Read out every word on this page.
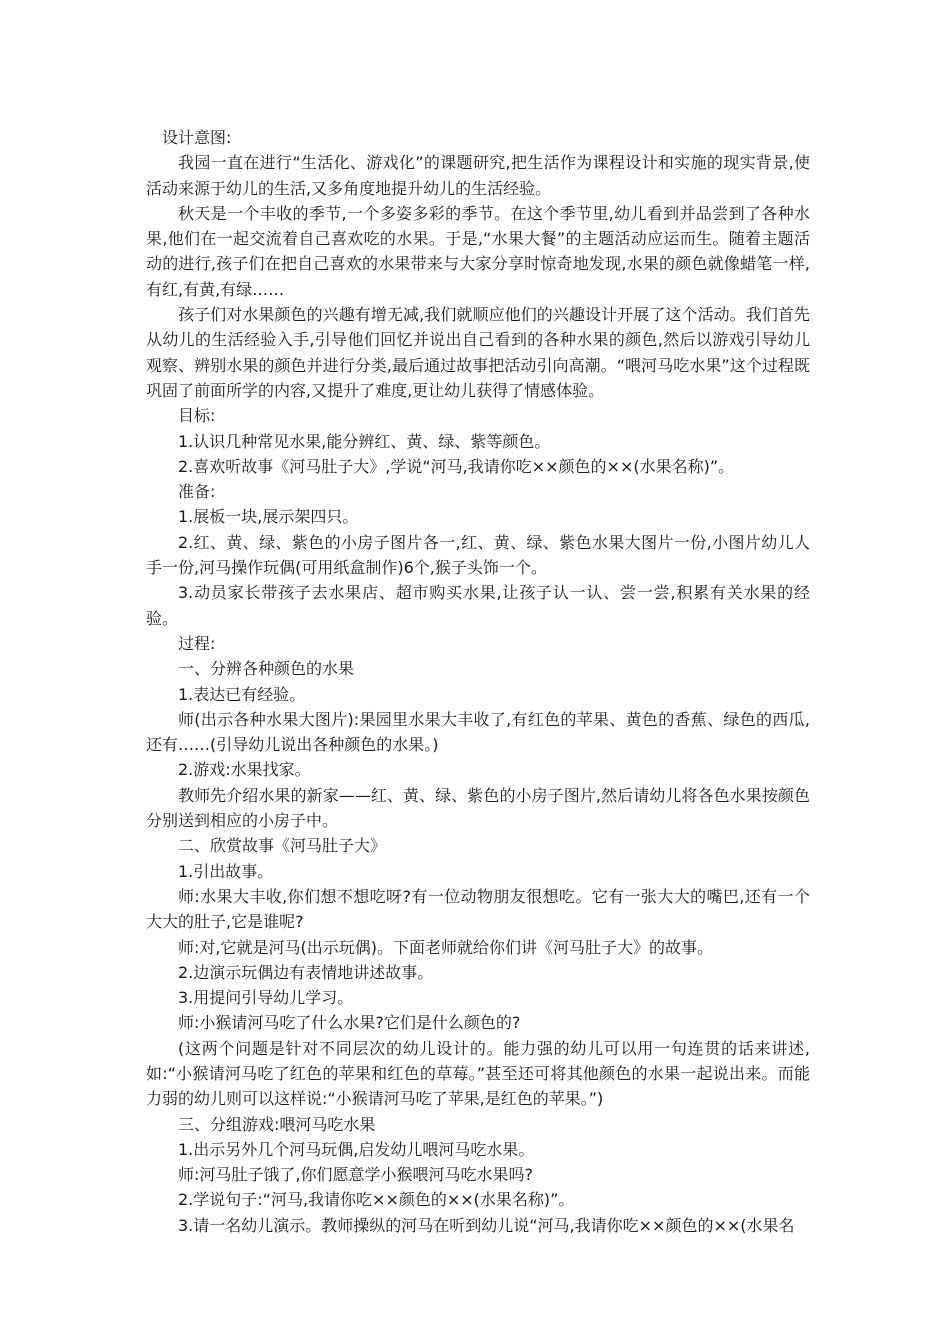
设计意图:

我园一直在进行“生活化、游戏化”的课题研究,把生活作为课程设计和实施的现实背景,使活动来源于幼儿的生活,又多角度地提升幼儿的生活经验。

秋天是一个丰收的季节,一个多姿多彩的季节。在这个季节里,幼儿看到并品尝到了各种水果,他们在一起交流着自己喜欢吃的水果。于是,“水果大餐”的主题活动应运而生。随着主题活动的进行,孩子们在把自己喜欢的水果带来与大家分享时惊奇地发现,水果的颜色就像蜡笔一样,有红,有黄,有绿……

孩子们对水果颜色的兴趣有增无减,我们就顺应他们的兴趣设计开展了这个活动。我们首先从幼儿的生活经验入手,引导他们回忆并说出自己看到的各种水果的颜色,然后以游戏引导幼儿观察、辨别水果的颜色并进行分类,最后通过故事把活动引向高潮。“喂河马吃水果”这个过程既巩固了前面所学的内容,又提升了难度,更让幼儿获得了情感体验。

目标:

1.认识几种常见水果,能分辨红、黄、绿、紫等颜色。

2.喜欢听故事《河马肚子大》,学说“河马,我请你吃××颜色的××(水果名称)”。

准备:

1.展板一块,展示架四只。

2.红、黄、绿、紫色的小房子图片各一,红、黄、绿、紫色水果大图片一份,小图片幼儿人手一份,河马操作玩偶(可用纸盒制作)6个,猴子头饰一个。

3.动员家长带孩子去水果店、超市购买水果,让孩子认一认、尝一尝,积累有关水果的经验。

过程:

一、分辨各种颜色的水果

1.表达已有经验。

师(出示各种水果大图片):果园里水果大丰收了,有红色的苹果、黄色的香蕉、绿色的西瓜,还有……(引导幼儿说出各种颜色的水果。)

2.游戏:水果找家。

教师先介绍水果的新家——红、黄、绿、紫色的小房子图片,然后请幼儿将各色水果按颜色分别送到相应的小房子中。

二、欣赏故事《河马肚子大》

1.引出故事。

师:水果大丰收,你们想不想吃呀?有一位动物朋友很想吃。它有一张大大的嘴巴,还有一个大大的肚子,它是谁呢?

师:对,它就是河马(出示玩偶)。下面老师就给你们讲《河马肚子大》的故事。

2.边演示玩偶边有表情地讲述故事。

3.用提问引导幼儿学习。

师:小猴请河马吃了什么水果?它们是什么颜色的?

(这两个问题是针对不同层次的幼儿设计的。能力强的幼儿可以用一句连贯的话来讲述,如:“小猴请河马吃了红色的苹果和红色的草莓。”甚至还可将其他颜色的水果一起说出来。而能力弱的幼儿则可以这样说:“小猴请河马吃了苹果,是红色的苹果。”)

三、分组游戏:喂河马吃水果

1.出示另外几个河马玩偶,启发幼儿喂河马吃水果。

师:河马肚子饿了,你们愿意学小猴喂河马吃水果吗?

2.学说句子:“河马,我请你吃××颜色的××(水果名称)”。

3.请一名幼儿演示。教师操纵的河马在听到幼儿说“河马,我请你吃××颜色的××(水果名
